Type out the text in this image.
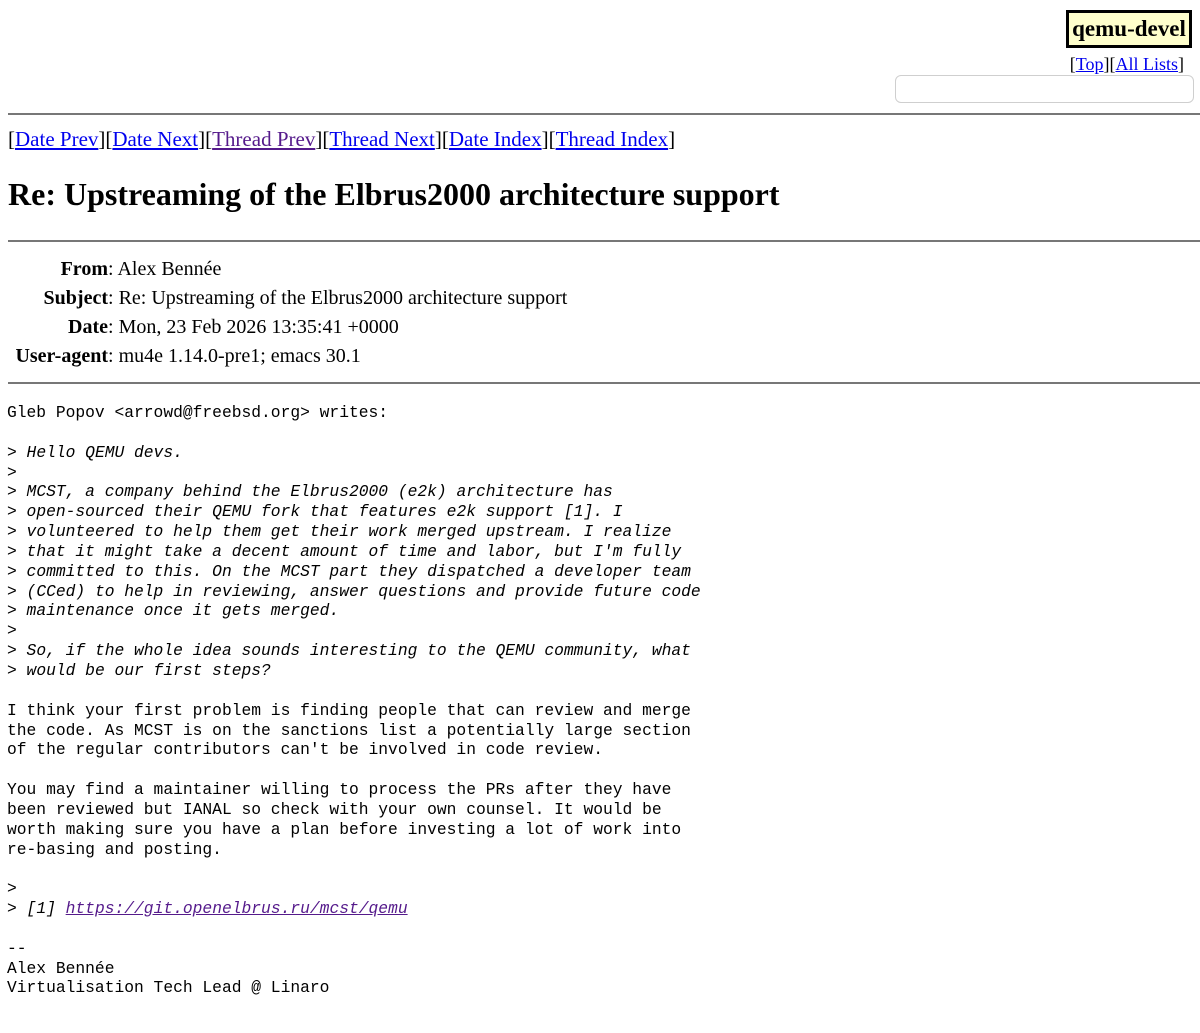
qemu-devel
[Top][All Lists]
[Date Prev][Date Next][Thread Prev][Thread Next][Date Index][Thread Index]
Re: Upstreaming of the Elbrus2000 architecture support
From: Alex Bennée
Subject: Re: Upstreaming of the Elbrus2000 architecture support
Date: Mon, 23 Feb 2026 13:35:41 +0000
User-agent: mu4e 1.14.0-pre1; emacs 30.1
Gleb Popov <arrowd@freebsd.org> writes:

> Hello QEMU devs.
>
> MCST, a company behind the Elbrus2000 (e2k) architecture has
> open-sourced their QEMU fork that features e2k support [1]. I
> volunteered to help them get their work merged upstream. I realize
> that it might take a decent amount of time and labor, but I'm fully
> committed to this. On the MCST part they dispatched a developer team
> (CCed) to help in reviewing, answer questions and provide future code
> maintenance once it gets merged.
>
> So, if the whole idea sounds interesting to the QEMU community, what
> would be our first steps?

I think your first problem is finding people that can review and merge
the code. As MCST is on the sanctions list a potentially large section
of the regular contributors can't be involved in code review.

You may find a maintainer willing to process the PRs after they have
been reviewed but IANAL so check with your own counsel. It would be
worth making sure you have a plan before investing a lot of work into
re-basing and posting.

>
> [1] https://git.openelbrus.ru/mcst/qemu

--
Alex Bennée
Virtualisation Tech Lead @ Linaro
